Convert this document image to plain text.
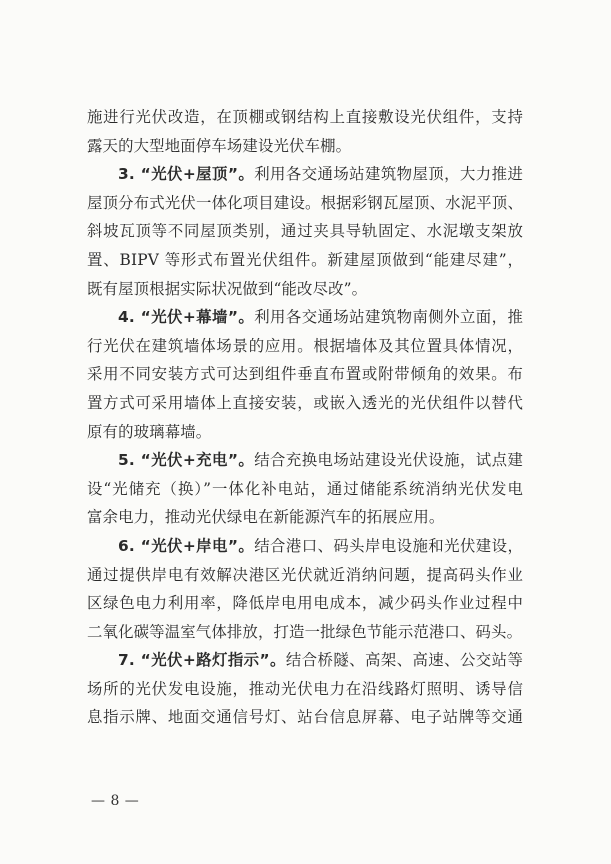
施进行光伏改造，在顶棚或钢结构上直接敷设光伏组件，支持

露天的大型地面停车场建设光伏车棚。

3. “光伏+屋顶”。利用各交通场站建筑物屋顶，大力推进

屋顶分布式光伏一体化项目建设。根据彩钢瓦屋顶、水泥平顶、

斜坡瓦顶等不同屋顶类别，通过夹具导轨固定、水泥墩支架放

置、BIPV 等形式布置光伏组件。新建屋顶做到“能建尽建”，

既有屋顶根据实际状况做到“能改尽改”。

4. “光伏+幕墙”。利用各交通场站建筑物南侧外立面，推

行光伏在建筑墙体场景的应用。根据墙体及其位置具体情况，

采用不同安装方式可达到组件垂直布置或附带倾角的效果。布

置方式可采用墙体上直接安装，或嵌入透光的光伏组件以替代

原有的玻璃幕墙。

5. “光伏+充电”。结合充换电场站建设光伏设施，试点建

设“光储充（换）”一体化补电站，通过储能系统消纳光伏发电

富余电力，推动光伏绿电在新能源汽车的拓展应用。

6. “光伏+岸电”。结合港口、码头岸电设施和光伏建设，

通过提供岸电有效解决港区光伏就近消纳问题，提高码头作业

区绿色电力利用率，降低岸电用电成本，减少码头作业过程中

二氧化碳等温室气体排放，打造一批绿色节能示范港口、码头。

7. “光伏+路灯指示”。结合桥隧、高架、高速、公交站等

场所的光伏发电设施，推动光伏电力在沿线路灯照明、诱导信

息指示牌、地面交通信号灯、站台信息屏幕、电子站牌等交通

— 8 —
